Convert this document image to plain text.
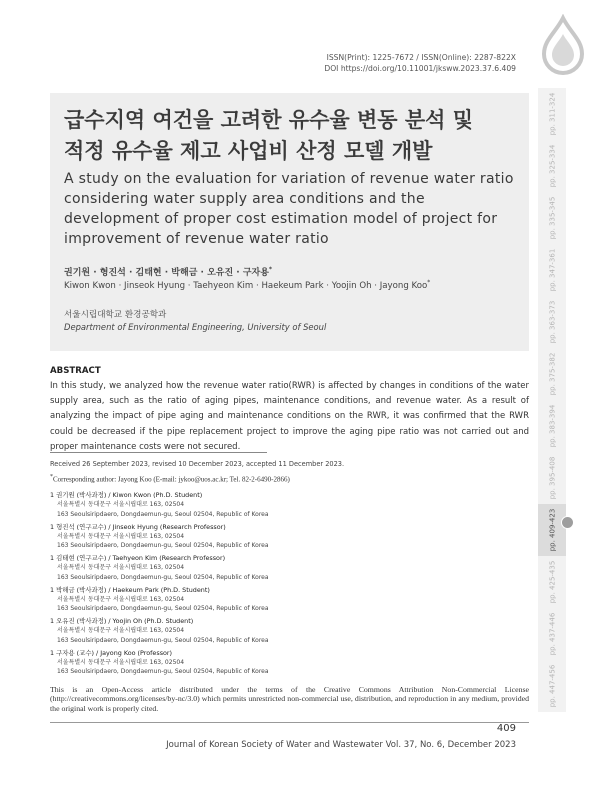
ISSN(Print): 1225-7672 / ISSN(Online): 2287-822X
DOI https://doi.org/10.11001/jksww.2023.37.6.409
급수지역 여건을 고려한 유수율 변동 분석 및
적정 유수율 제고 사업비 산정 모델 개발

A study on the evaluation for variation of revenue water ratio considering water supply area conditions and the development of proper cost estimation model of project for improvement of revenue water ratio

권기원 · 형진석 · 김태현 · 박해금 · 오유진 · 구자용*
Kiwon Kwon · Jinseok Hyung · Taehyeon Kim · Haekeum Park · Yoojin Oh · Jayong Koo*
서울시립대학교 환경공학과
Department of Environmental Engineering, University of Seoul
ABSTRACT

In this study, we analyzed how the revenue water ratio(RWR) is affected by changes in conditions of the water supply area, such as the ratio of aging pipes, maintenance conditions, and revenue water. As a result of analyzing the impact of pipe aging and maintenance conditions on the RWR, it was confirmed that the RWR could be decreased if the pipe replacement project to improve the aging pipe ratio was not carried out and proper maintenance costs were not secured.

Received 26 September 2023, revised 10 December 2023, accepted 11 December 2023.
*Corresponding author: Jayong Koo (E-mail: jykoo@uos.ac.kr; Tel. 82-2-6490-2866)
1 권기원 (박사과정) / Kiwon Kwon (Ph.D. Student)
서울특별시 동대문구 서울시립대로 163, 02504
163 Seoulsiripdaero, Dongdaemun-gu, Seoul 02504, Republic of Korea
1 형진석 (연구교수) / Jinseok Hyung (Research Professor)
서울특별시 동대문구 서울시립대로 163, 02504
163 Seoulsiripdaero, Dongdaemun-gu, Seoul 02504, Republic of Korea
1 김태현 (연구교수) / Taehyeon Kim (Research Professor)
서울특별시 동대문구 서울시립대로 163, 02504
163 Seoulsiripdaero, Dongdaemun-gu, Seoul 02504, Republic of Korea
1 박해금 (박사과정) / Haekeum Park (Ph.D. Student)
서울특별시 동대문구 서울시립대로 163, 02504
163 Seoulsiripdaero, Dongdaemun-gu, Seoul 02504, Republic of Korea
1 오유진 (박사과정) / Yoojin Oh (Ph.D. Student)
서울특별시 동대문구 서울시립대로 163, 02504
163 Seoulsiripdaero, Dongdaemun-gu, Seoul 02504, Republic of Korea
1 구자용 (교수) / Jayong Koo (Professor)
서울특별시 동대문구 서울시립대로 163, 02504
163 Seoulsiripdaero, Dongdaemun-gu, Seoul 02504, Republic of Korea

This is an Open-Access article distributed under the terms of the Creative Commons Attribution Non-Commercial License (http://creativecommons.org/licenses/by-nc/3.0) which permits unrestricted non-commercial use, distribution, and reproduction in any medium, provided the original work is properly cited.

409
Journal of Korean Society of Water and Wastewater Vol. 37, No. 6, December 2023
pp. 311-324
pp. 325-334
pp. 335-345
pp. 347-361
pp. 363-373
pp. 375-382
pp. 383-394
pp. 395-408
pp. 409-423
pp. 425-435
pp. 437-446
pp. 447-456
